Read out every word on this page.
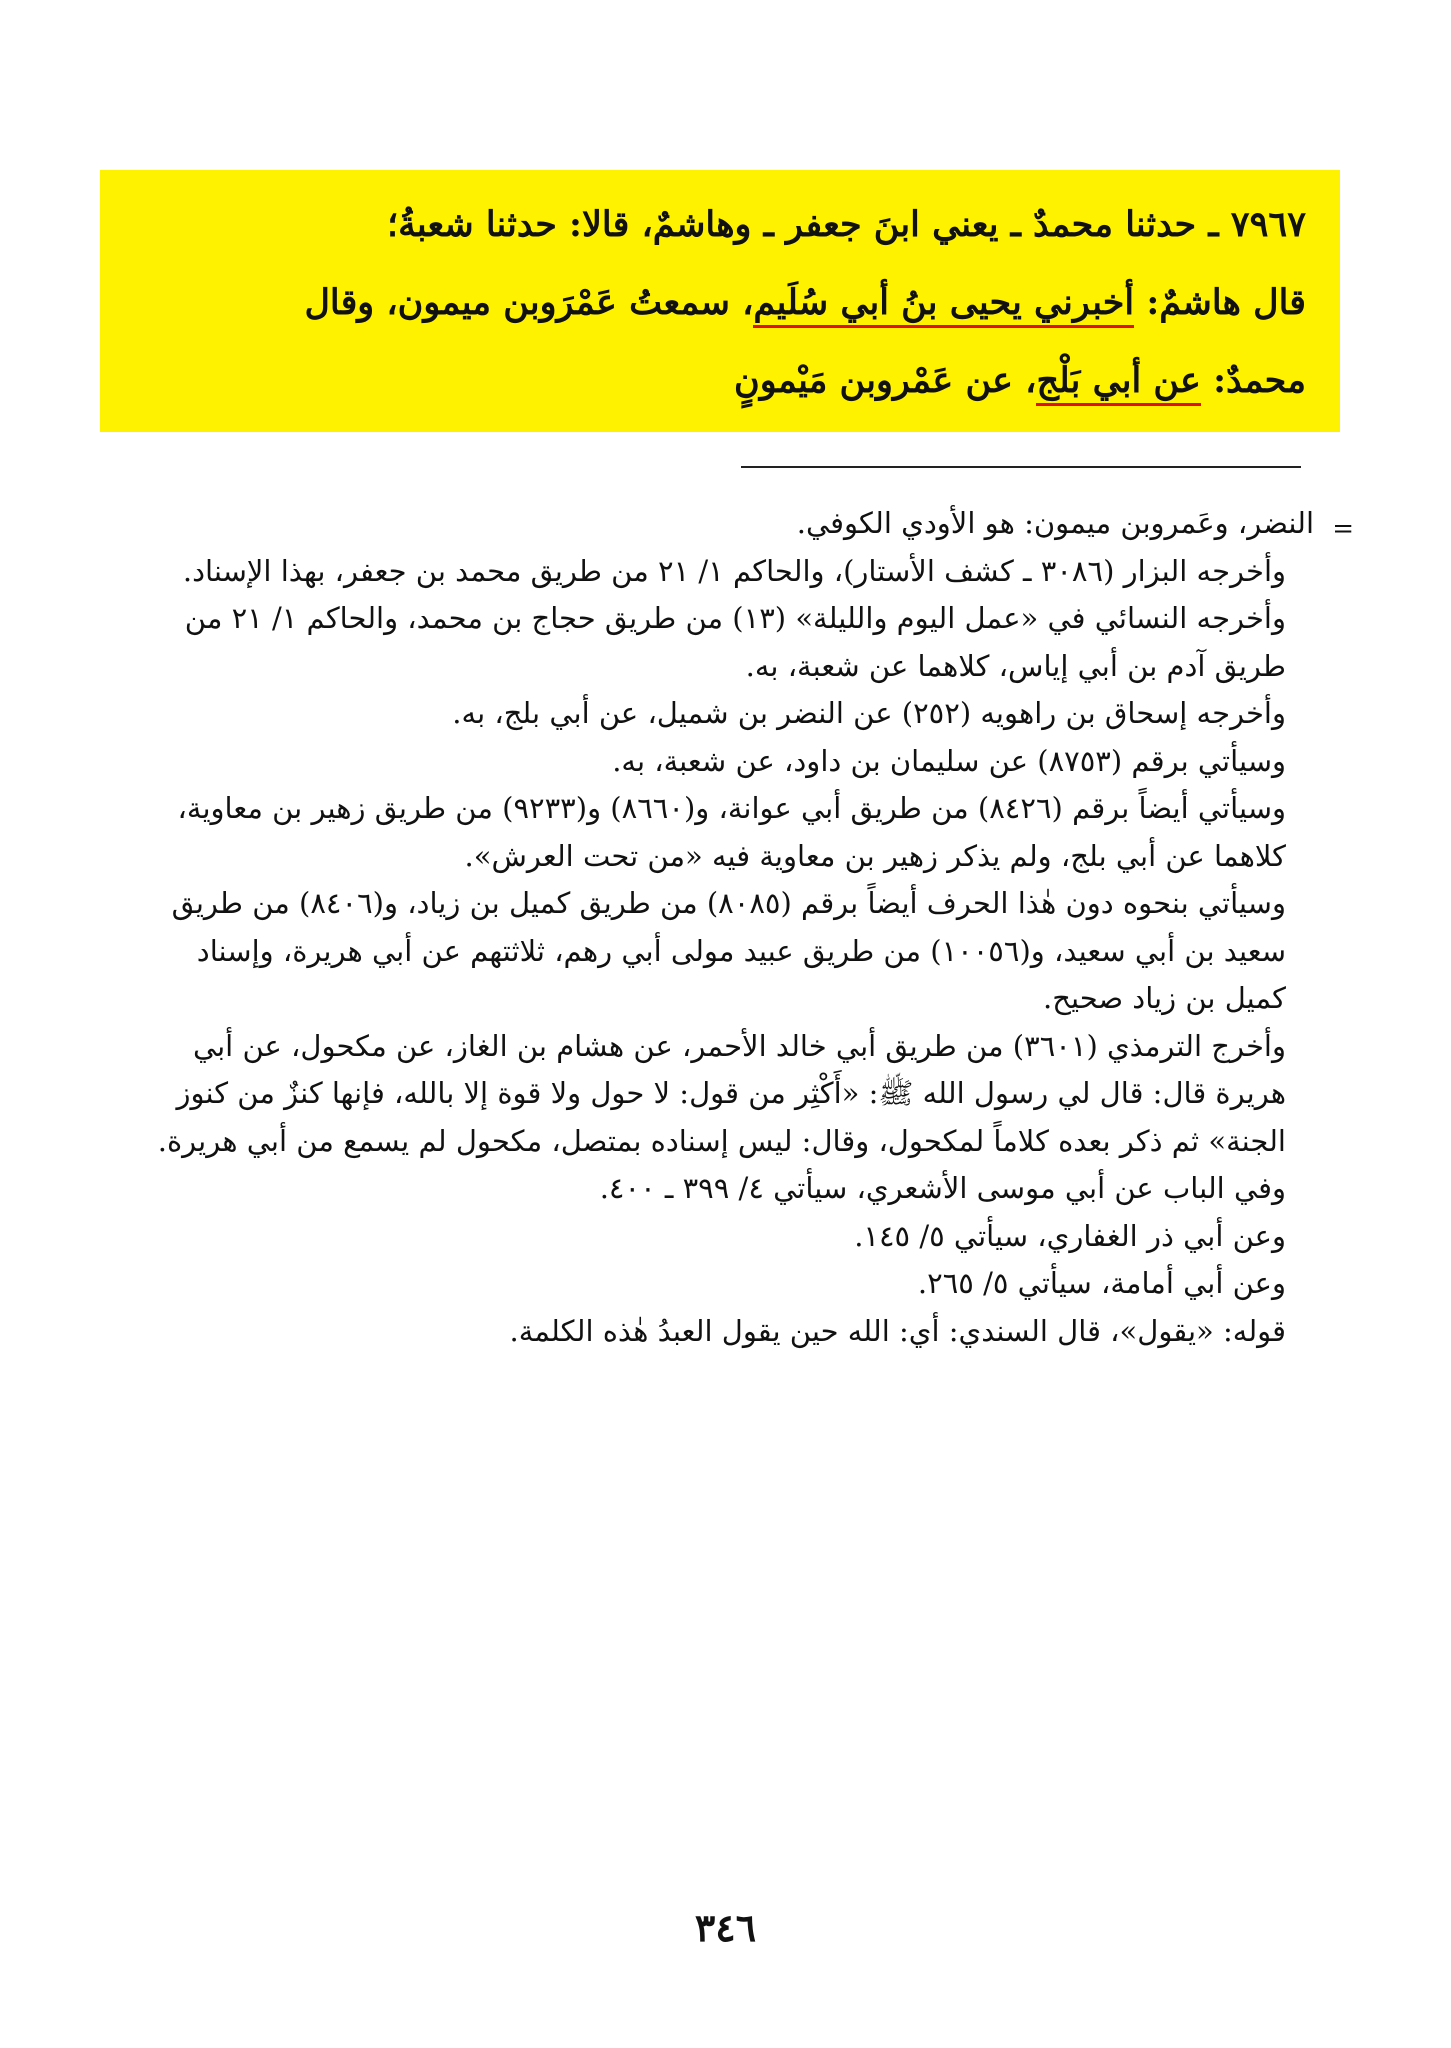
٧٩٦٧ ـ حدثنا محمدٌ ـ يعني ابنَ جعفر ـ وهاشمٌ، قالا: حدثنا شعبةُ؛
قال هاشمٌ: أخبرني يحيى بنُ أبي سُلَيم، سمعتُ عَمْرَوبن ميمون، وقال
محمدٌ: عن أبي بَلْج، عن عَمْروبن مَيْمونٍ
=

النضر، وعَمروبن ميمون: هو الأودي الكوفي.

وأخرجه البزار (٣٠٨٦ ـ كشف الأستار)، والحاكم ١/ ٢١ من طريق محمد بن جعفر، بهذا الإسناد.

وأخرجه النسائي في «عمل اليوم والليلة» (١٣) من طريق حجاج بن محمد، والحاكم ١/ ٢١ من طريق آدم بن أبي إياس، كلاهما عن شعبة، به.

وأخرجه إسحاق بن راهويه (٢٥٢) عن النضر بن شميل، عن أبي بلج، به.

وسيأتي برقم (٨٧٥٣) عن سليمان بن داود، عن شعبة، به.

وسيأتي أيضاً برقم (٨٤٢٦) من طريق أبي عوانة، و(٨٦٦٠) و(٩٢٣٣) من طريق زهير بن معاوية، كلاهما عن أبي بلج، ولم يذكر زهير بن معاوية فيه «من تحت العرش».

وسيأتي بنحوه دون هٰذا الحرف أيضاً برقم (٨٠٨٥) من طريق كميل بن زياد، و(٨٤٠٦) من طريق سعيد بن أبي سعيد، و(١٠٠٥٦) من طريق عبيد مولى أبي رهم، ثلاثتهم عن أبي هريرة، وإسناد كميل بن زياد صحيح.

وأخرج الترمذي (٣٦٠١) من طريق أبي خالد الأحمر، عن هشام بن الغاز، عن مكحول، عن أبي هريرة قال: قال لي رسول الله ﷺ: «أَكْثِر من قول: لا حول ولا قوة إلا بالله، فإنها كنزٌ من كنوز الجنة» ثم ذكر بعده كلاماً لمكحول، وقال: ليس إسناده بمتصل، مكحول لم يسمع من أبي هريرة.

وفي الباب عن أبي موسى الأشعري، سيأتي ٤/ ٣٩٩ ـ ٤٠٠.

وعن أبي ذر الغفاري، سيأتي ٥/ ١٤٥.

وعن أبي أمامة، سيأتي ٥/ ٢٦٥.

قوله: «يقول»، قال السندي: أي: الله حين يقول العبدُ هٰذه الكلمة.

٣٤٦
